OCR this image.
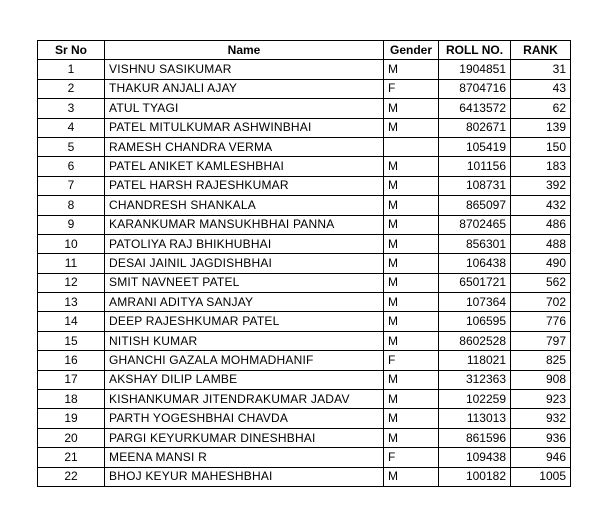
Sr No	Name	Gender	ROLL NO.	RANK
1	VISHNU SASIKUMAR	M	1904851	31
2	THAKUR ANJALI AJAY	F	8704716	43
3	ATUL TYAGI	M	6413572	62
4	PATEL MITULKUMAR ASHWINBHAI	M	802671	139
5	RAMESH CHANDRA VERMA		105419	150
6	PATEL ANIKET KAMLESHBHAI	M	101156	183
7	PATEL HARSH RAJESHKUMAR	M	108731	392
8	CHANDRESH SHANKALA	M	865097	432
9	KARANKUMAR MANSUKHBHAI PANNA	M	8702465	486
10	PATOLIYA RAJ BHIKHUBHAI	M	856301	488
11	DESAI JAINIL JAGDISHBHAI	M	106438	490
12	SMIT NAVNEET PATEL	M	6501721	562
13	AMRANI ADITYA SANJAY	M	107364	702
14	DEEP RAJESHKUMAR PATEL	M	106595	776
15	NITISH KUMAR	M	8602528	797
16	GHANCHI GAZALA MOHMADHANIF	F	118021	825
17	AKSHAY DILIP LAMBE	M	312363	908
18	KISHANKUMAR JITENDRAKUMAR JADAV	M	102259	923
19	PARTH YOGESHBHAI CHAVDA	M	113013	932
20	PARGI KEYURKUMAR DINESHBHAI	M	861596	936
21	MEENA MANSI R	F	109438	946
22	BHOJ KEYUR MAHESHBHAI	M	100182	1005
